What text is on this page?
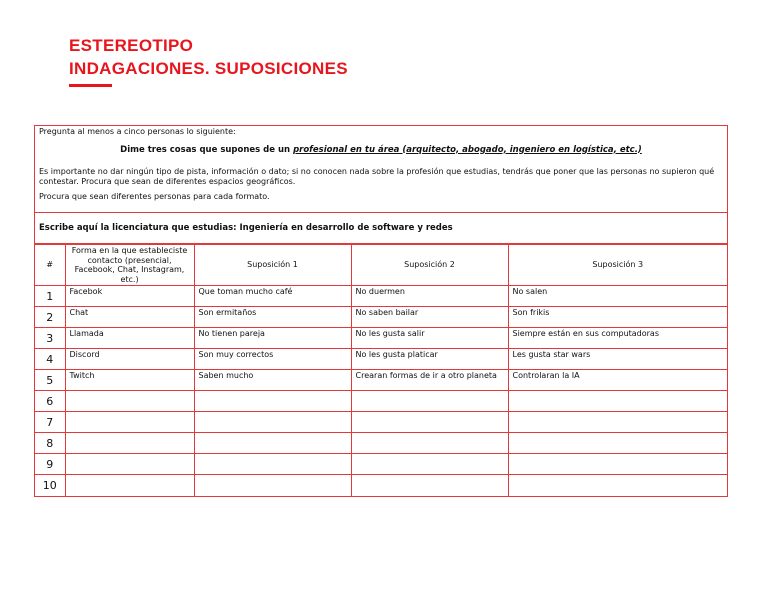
ESTEREOTIPO
INDAGACIONES. SUPOSICIONES

Pregunta al menos a cinco personas lo siguiente:

Dime tres cosas que supones de un profesional en tu área (arquitecto, abogado, ingeniero en logística, etc.)

Es importante no dar ningún tipo de pista, información o dato; si no conocen nada sobre la profesión que estudias, tendrás que poner que las personas no supieron qué contestar. Procura que sean de diferentes espacios geográficos.

Procura que sean diferentes personas para cada formato.

Escribe aquí la licenciatura que estudias: Ingeniería en desarrollo de software y redes
#	Forma en la que estableciste contacto (presencial, Facebook, Chat, Instagram, etc.)	Suposición 1	Suposición 2	Suposición 3
1	Facebok	Que toman mucho café	No duermen	No salen
2	Chat	Son ermitaños	No saben bailar	Son frikis
3	Llamada	No tienen pareja	No les gusta salir	Siempre están en sus computadoras
4	Discord	Son muy correctos	No les gusta platicar	Les gusta star wars
5	Twitch	Saben mucho	Crearan formas de ir a otro planeta	Controlaran la IA
6				
7				
8				
9				
10				
